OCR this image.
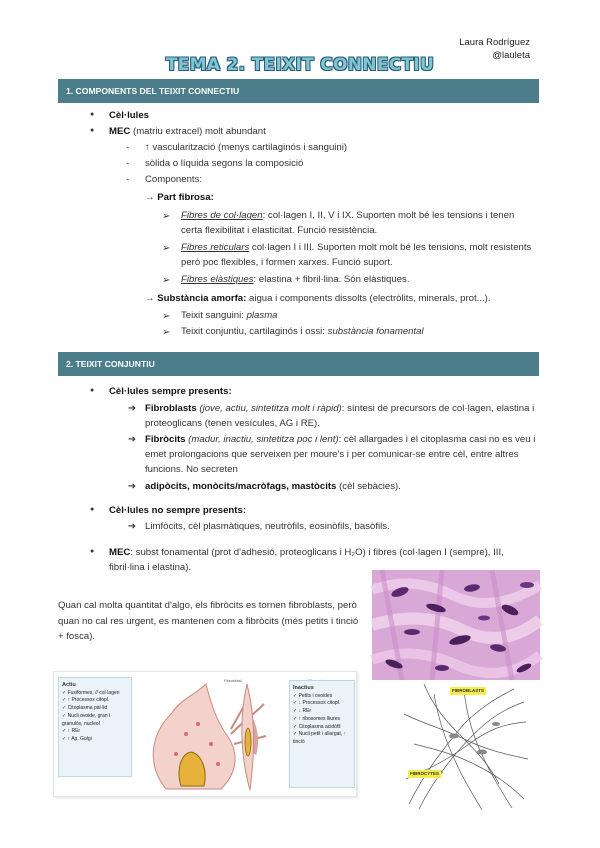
Laura Rodríguez
@lauleta
TEMA 2. TEIXIT CONNECTIU
1. COMPONENTS DEL TEIXIT CONNECTIU
● Cèl·lules
● MEC (matriu extracel) molt abundant
- ↑ vascularització (menys cartilaginós i sanguini)
- sòlida o líquida segons la composició
- Components:
→ Part fibrosa:
➢ Fibres de col·lagen: col·lagen I, II, V i IX. Suporten molt bé les tensions i tenen certa flexibilitat i elasticitat. Funció resistència.
➢ Fibres reticulars col·lagen I i III. Suporten molt molt bé les tensions, molt resistents però poc flexibles, i formen xarxes. Funció suport.
➢ Fibres elàstiques: elastina + fibril·lina. Són elàstiques.
→ Substància amorfa: aigua i components dissolts (electròlits, minerals, prot...).
➢ Teixit sanguini: plasma
➢ Teixit conjuntiu, cartilaginós i ossi: substància fonamental
2. TEIXIT CONJUNTIU
● Cèl·lules sempre presents:
➔ Fibroblasts (jove, actiu, sintetitza molt i ràpid): síntesi de precursors de col·lagen, elastina i proteoglicans (tenen vesícules, AG i RE).
➔ Fibròcits (madur, inactiu, sintetitza poc i lent): cèl allargades i el citoplasma casi no es veu i emet prolongacions que serveixen per moure's i per comunicar-se entre cèl, entre altres funcions. No secreten
➔ adipòcits, monòcits/macròfags, mastòcits (cèl sebàcies).
● Cèl·lules no sempre presents:
➔ Limfòcits, cèl plasmàtiques, neutròfils, eosinòfils, basòfils.
● MEC: subst fonamental (prot d'adhesió, proteoglicans i H₂O) i fibres (col·lagen I (sempre), III, fibril·lina i elastina).
Quan cal molta quantitat d'algo, els fibròcits es tornen fibroblasts, però quan no cal res urgent, es mantenen com a fibròcits (més petits i tinció + fosca).
Actiu
✓ Fusiformes, // col·lagen
✓ ↑ Processos citopl.
✓ Citoplasma pàl·lid
✓ Nucli ovoide, gran i granulós, nucleol
✓ ↑ REr
✓ ↑ Ap. Golgi
Fibroblast
Inactius
✓ Petits i ovoides
✓ ↓ Processos citopl.
✓ ↓ REr
✓ ↑ ribosomes lliures
✓ Citoplasma acidòfil
✓ Nucli petit i allargat, ↑ tinció
FIBROBLASTS
FIBROCYTES
